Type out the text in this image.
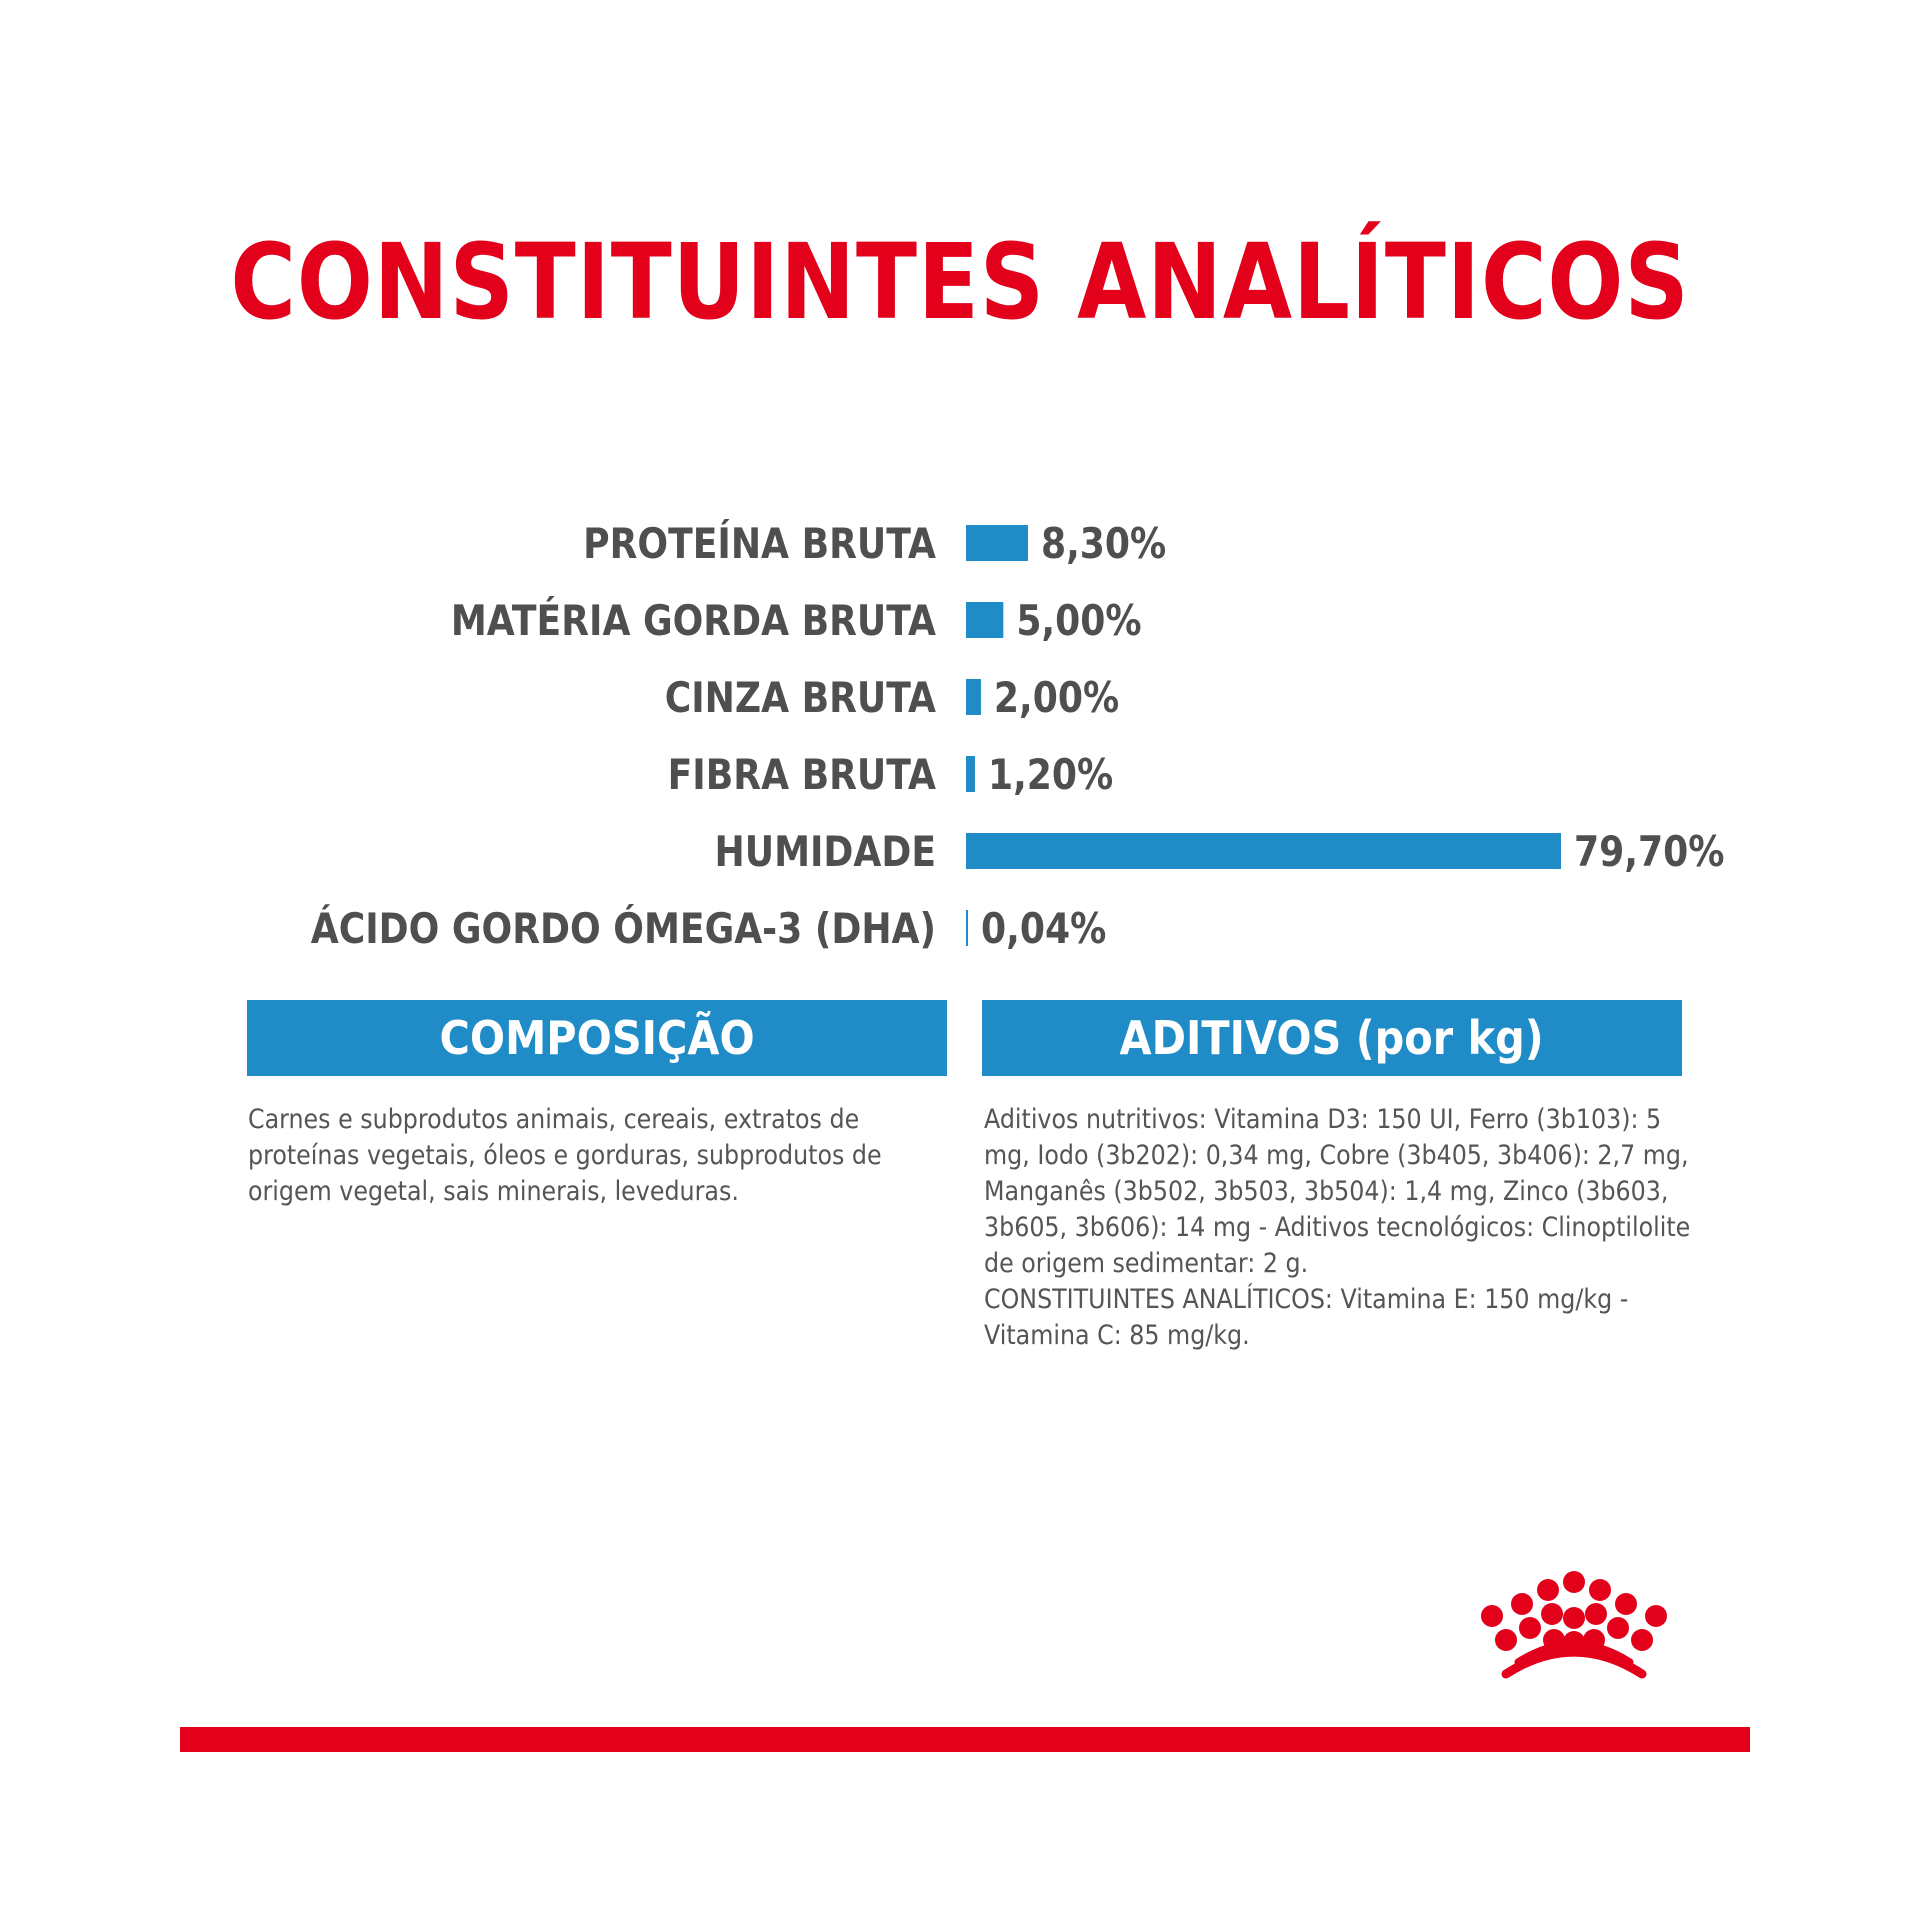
CONSTITUINTES ANALÍTICOS
PROTEÍNA BRUTA 8,30%
MATÉRIA GORDA BRUTA 5,00%
CINZA BRUTA 2,00%
FIBRA BRUTA 1,20%
HUMIDADE	79,70%
ÁCIDO GORDO ÓMEGA-3 (DHA) 0,04%
COMPOSIÇÃO
Carnes e subprodutos animais, cereais, extratos de
proteínas vegetais, óleos e gorduras, subprodutos de
origem vegetal, sais minerais, leveduras.
ADITIVOS (por kg)
Aditivos nutritivos: Vitamina D3: 150 UI, Ferro (3b103): 5
mg, Iodo (3b202): 0,34 mg, Cobre (3b405, 3b406): 2,7 mg,
Manganês (3b502, 3b503, 3b504): 1,4 mg, Zinco (3b603,
3b605, 3b606): 14 mg - Aditivos tecnológicos: Clinoptilolite
de origem sedimentar: 2 g.
CONSTITUINTES ANALÍTICOS: Vitamina E: 150 mg/kg -
Vitamina C: 85 mg/kg.
